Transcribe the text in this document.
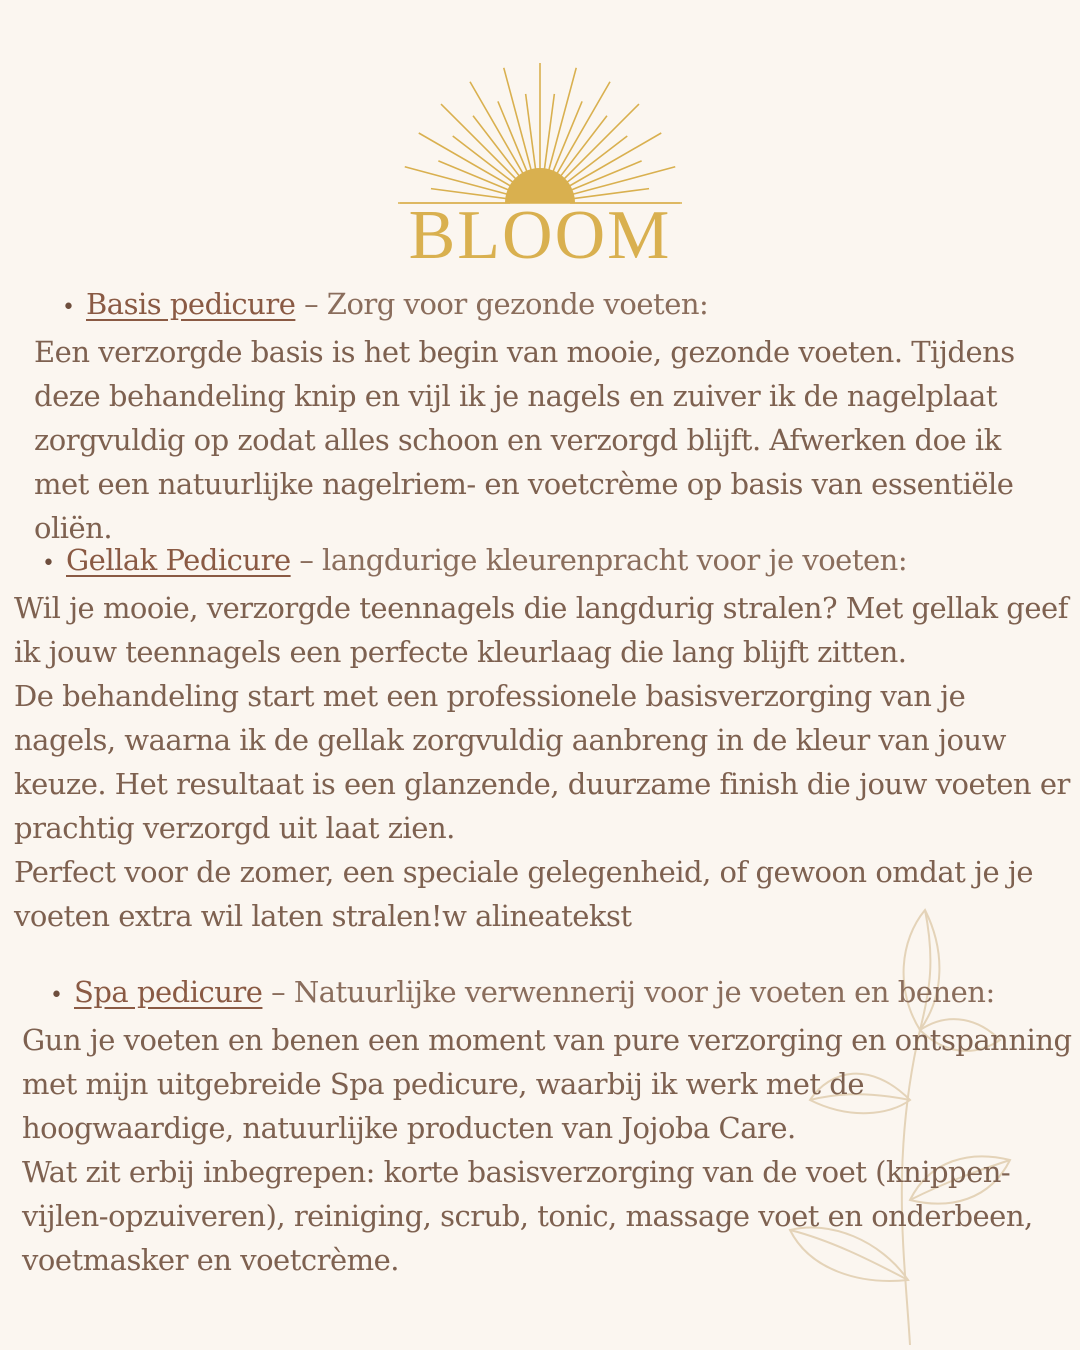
BLOOM
• Basis pedicure – Zorg voor gezonde voeten:
Een verzorgde basis is het begin van mooie, gezonde voeten. Tijdens deze behandeling knip en vijl ik je nagels en zuiver ik de nagelplaat zorgvuldig op zodat alles schoon en verzorgd blijft. Afwerken doe ik met een natuurlijke nagelriem- en voetcrème op basis van essentiële oliën.
• Gellak Pedicure – langdurige kleurenpracht voor je voeten:
Wil je mooie, verzorgde teennagels die langdurig stralen? Met gellak geef ik jouw teennagels een perfecte kleurlaag die lang blijft zitten.
De behandeling start met een professionele basisverzorging van je nagels, waarna ik de gellak zorgvuldig aanbreng in de kleur van jouw keuze. Het resultaat is een glanzende, duurzame finish die jouw voeten er prachtig verzorgd uit laat zien.
Perfect voor de zomer, een speciale gelegenheid, of gewoon omdat je je voeten extra wil laten stralen!w alineatekst
• Spa pedicure – Natuurlijke verwennerij voor je voeten en benen:
Gun je voeten en benen een moment van pure verzorging en ontspanning met mijn uitgebreide Spa pedicure, waarbij ik werk met de hoogwaardige, natuurlijke producten van Jojoba Care.
Wat zit erbij inbegrepen: korte basisverzorging van de voet (knippen-vijlen-opzuiveren), reiniging, scrub, tonic, massage voet en onderbeen, voetmasker en voetcrème.
